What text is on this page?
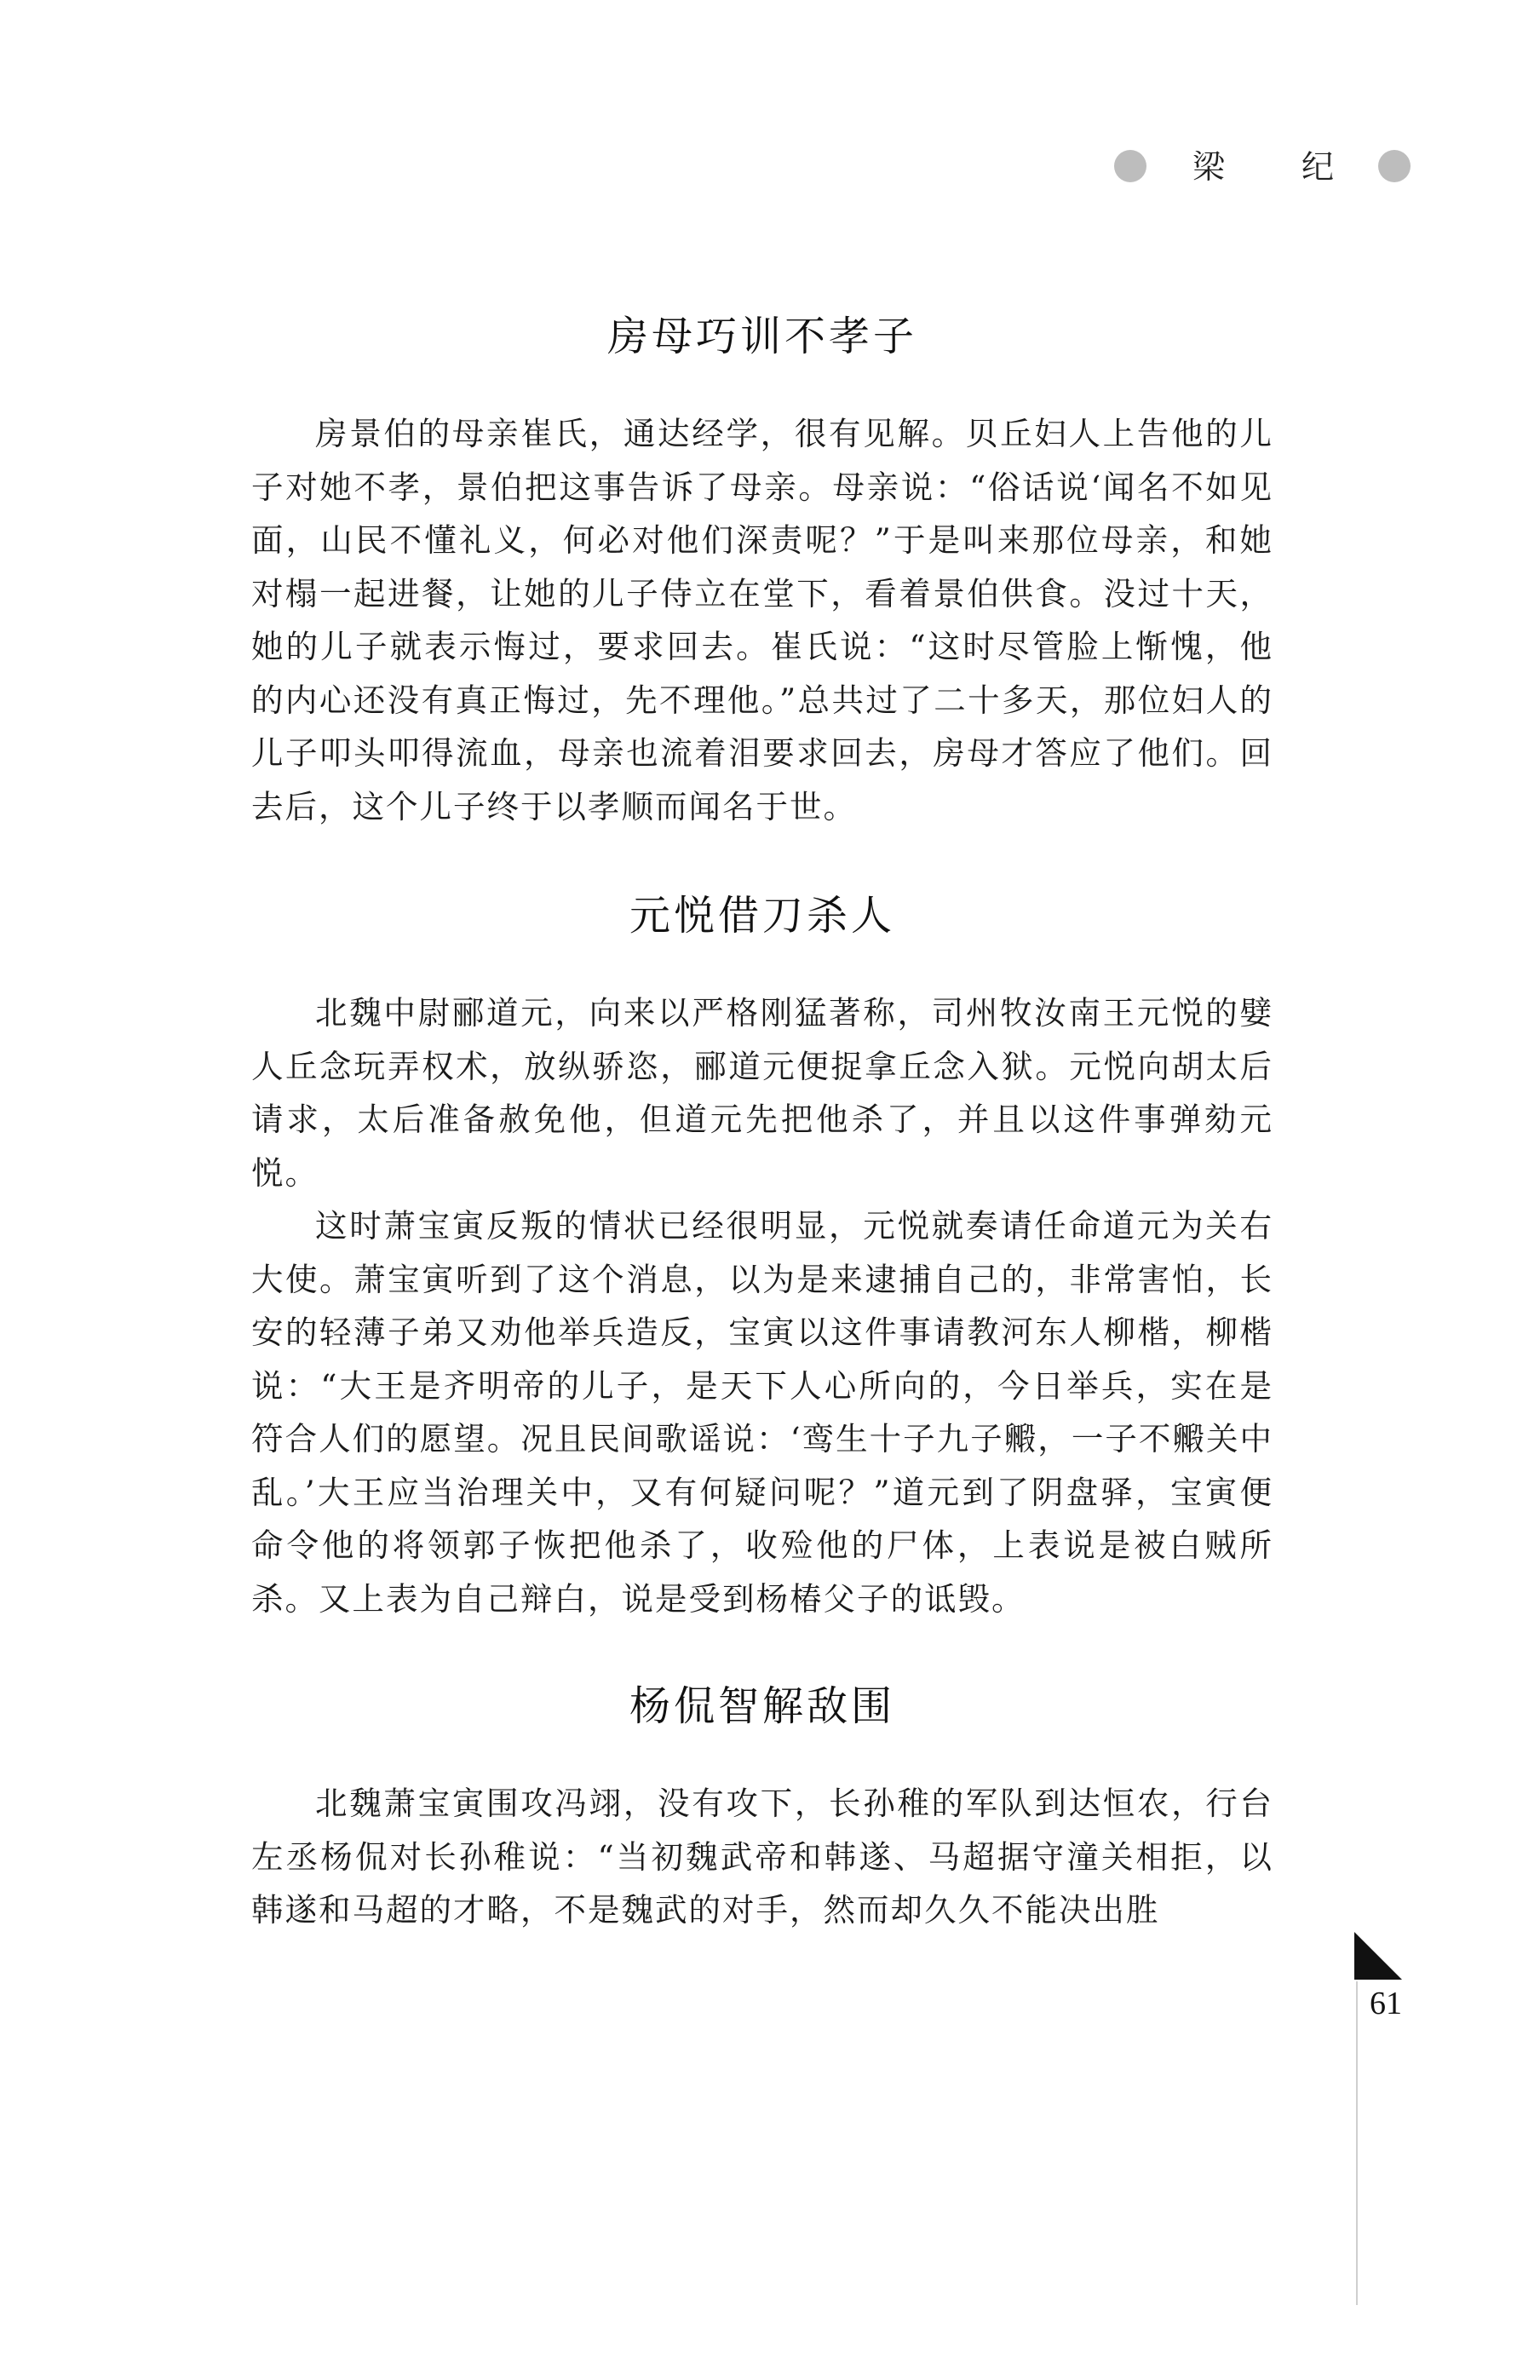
梁 纪
房母巧训不孝子

房景伯的母亲崔氏，通达经学，很有见解。贝丘妇人上告他的儿子对她不孝，景伯把这事告诉了母亲。母亲说：“俗话说‘闻名不如见面，山民不懂礼义，何必对他们深责呢？”于是叫来那位母亲，和她对榻一起进餐，让她的儿子侍立在堂下，看着景伯供食。没过十天，她的儿子就表示悔过，要求回去。崔氏说：“这时尽管脸上惭愧，他的内心还没有真正悔过，先不理他。”总共过了二十多天，那位妇人的儿子叩头叩得流血，母亲也流着泪要求回去，房母才答应了他们。回去后，这个儿子终于以孝顺而闻名于世。

元悦借刀杀人

北魏中尉郦道元，向来以严格刚猛著称，司州牧汝南王元悦的嬖人丘念玩弄权术，放纵骄恣，郦道元便捉拿丘念入狱。元悦向胡太后请求，太后准备赦免他，但道元先把他杀了，并且以这件事弹劾元悦。

这时萧宝寅反叛的情状已经很明显，元悦就奏请任命道元为关右大使。萧宝寅听到了这个消息，以为是来逮捕自己的，非常害怕，长安的轻薄子弟又劝他举兵造反，宝寅以这件事请教河东人柳楷，柳楷说：“大王是齐明帝的儿子，是天下人心所向的，今日举兵，实在是符合人们的愿望。况且民间歌谣说：‘鸾生十子九子毈，一子不毈关中乱。’大王应当治理关中，又有何疑问呢？”道元到了阴盘驿，宝寅便命令他的将领郭子恢把他杀了，收殓他的尸体，上表说是被白贼所杀。又上表为自己辩白，说是受到杨椿父子的诋毁。

杨侃智解敌围

北魏萧宝寅围攻冯翊，没有攻下，长孙稚的军队到达恒农，行台左丞杨侃对长孙稚说：“当初魏武帝和韩遂、马超据守潼关相拒，以韩遂和马超的才略，不是魏武的对手，然而却久久不能决出胜

61
